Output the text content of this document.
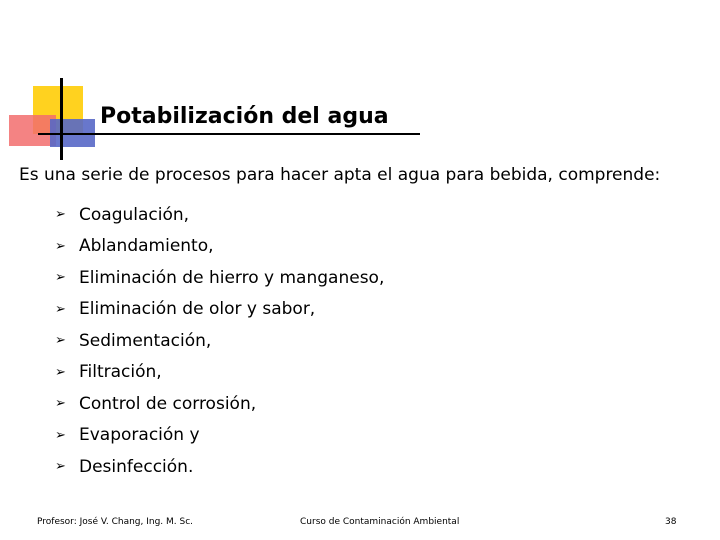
Potabilización del agua
Es una serie de procesos para hacer apta el agua para bebida, comprende:
➢ Coagulación,
➢ Ablandamiento,
➢ Eliminación de hierro y manganeso,
➢ Eliminación de olor y sabor,
➢ Sedimentación,
➢ Filtración,
➢ Control de corrosión,
➢ Evaporación y
➢ Desinfección.
Profesor: José V. Chang, Ing. M. Sc.	Curso de Contaminación Ambiental	38
